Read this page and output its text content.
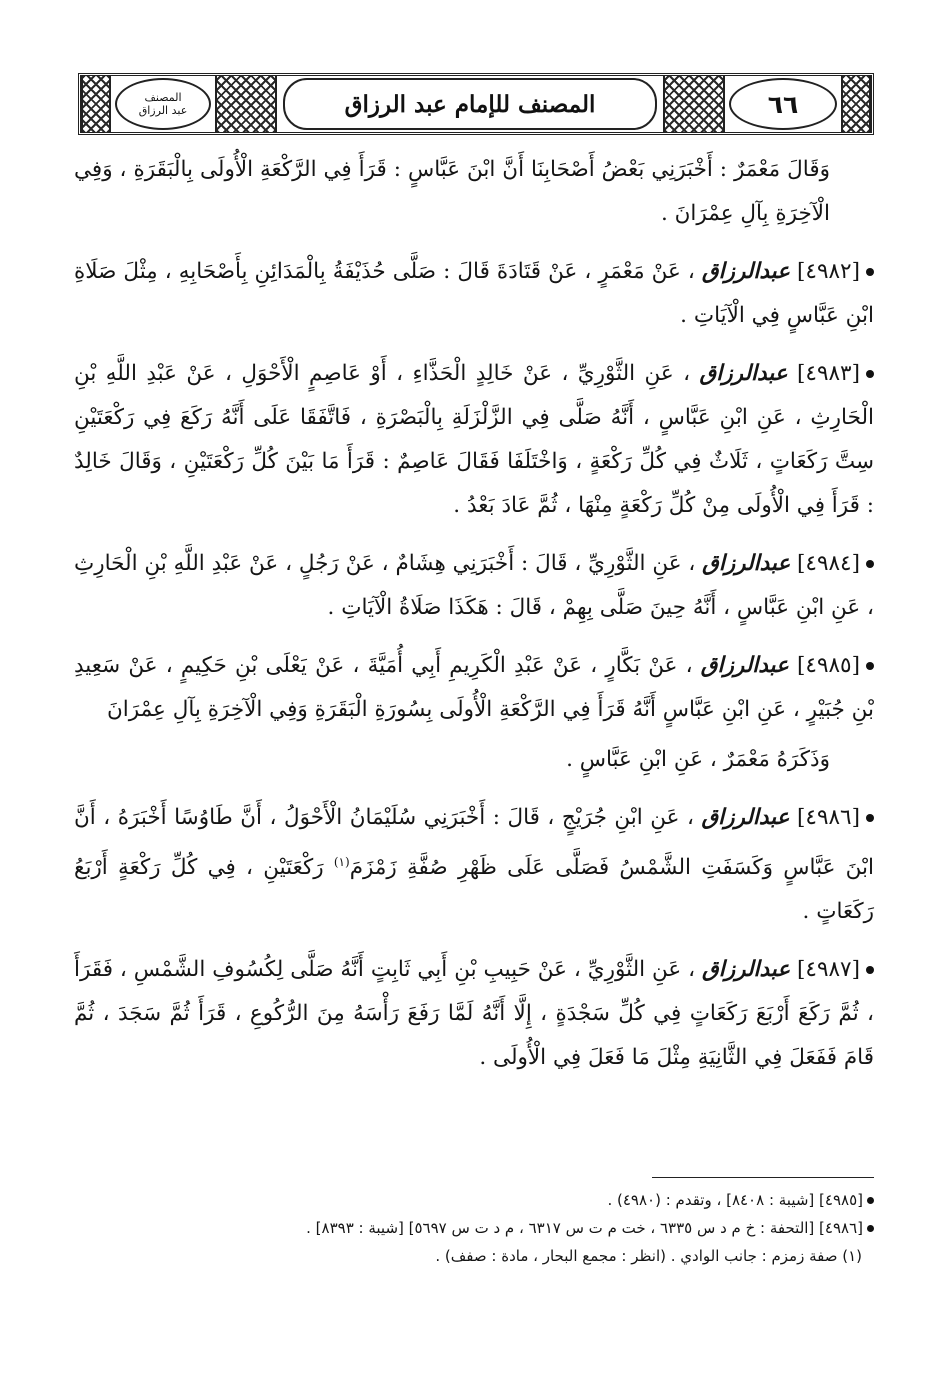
المصنف
عبد الرزاق	المصنف للإمام عبد الرزاق	٦٦

وَقَالَ مَعْمَرٌ : أَخْبَرَنِي بَعْضُ أَصْحَابِنَا أَنَّ ابْنَ عَبَّاسٍ : قَرَأَ فِي الرَّكْعَةِ الْأُولَى بِالْبَقَرَةِ ، وَفِي الْآخِرَةِ بِآلِ عِمْرَانَ .

[٤٩٨٢] عبدالرزاق ، عَنْ مَعْمَرٍ ، عَنْ قَتَادَةَ قَالَ : صَلَّى حُذَيْفَةُ بِالْمَدَائِنِ بِأَصْحَابِهِ ، مِثْلَ صَلَاةِ ابْنِ عَبَّاسٍ فِي الْآيَاتِ .

[٤٩٨٣] عبدالرزاق ، عَنِ الثَّوْرِيِّ ، عَنْ خَالِدٍ الْحَذَّاءِ ، أَوْ عَاصِمٍ الْأَحْوَلِ ، عَنْ عَبْدِ اللَّهِ بْنِ الْحَارِثِ ، عَنِ ابْنِ عَبَّاسٍ ، أَنَّهُ صَلَّى فِي الزَّلْزَلَةِ بِالْبَصْرَةِ ، فَاتَّفَقَا عَلَى أَنَّهُ رَكَعَ فِي رَكْعَتَيْنِ سِتَّ رَكَعَاتٍ ، ثَلَاثٌ فِي كُلِّ رَكْعَةٍ ، وَاخْتَلَفَا فَقَالَ عَاصِمٌ : قَرَأَ مَا بَيْنَ كُلِّ رَكْعَتَيْنِ ، وَقَالَ خَالِدٌ : قَرَأَ فِي الْأُولَى مِنْ كُلِّ رَكْعَةٍ مِنْهَا ، ثُمَّ عَادَ بَعْدُ .

[٤٩٨٤] عبدالرزاق ، عَنِ الثَّوْرِيِّ ، قَالَ : أَخْبَرَنِي هِشَامٌ ، عَنْ رَجُلٍ ، عَنْ عَبْدِ اللَّهِ بْنِ الْحَارِثِ ، عَنِ ابْنِ عَبَّاسٍ ، أَنَّهُ حِينَ صَلَّى بِهِمْ ، قَالَ : هَكَذَا صَلَاةُ الْآيَاتِ .

[٤٩٨٥] عبدالرزاق ، عَنْ بَكَّارٍ ، عَنْ عَبْدِ الْكَرِيمِ أَبِي أُمَيَّةَ ، عَنْ يَعْلَى بْنِ حَكِيمٍ ، عَنْ سَعِيدِ بْنِ جُبَيْرٍ ، عَنِ ابْنِ عَبَّاسٍ أَنَّهُ قَرَأَ فِي الرَّكْعَةِ الْأُولَى بِسُورَةِ الْبَقَرَةِ وَفِي الْآخِرَةِ بِآلِ عِمْرَانَ

وَذَكَرَهُ مَعْمَرٌ ، عَنِ ابْنِ عَبَّاسٍ .

[٤٩٨٦] عبدالرزاق ، عَنِ ابْنِ جُرَيْجٍ ، قَالَ : أَخْبَرَنِي سُلَيْمَانُ الْأَحْوَلُ ، أَنَّ طَاوُسًا أَخْبَرَهُ ، أَنَّ ابْنَ عَبَّاسٍ وَكَسَفَتِ الشَّمْسُ فَصَلَّى عَلَى ظَهْرِ صُفَّةِ زَمْزَمَ$^{(١)}$ رَكْعَتَيْنِ ، فِي كُلِّ رَكْعَةٍ أَرْبَعُ رَكَعَاتٍ .

[٤٩٨٧] عبدالرزاق ، عَنِ الثَّوْرِيِّ ، عَنْ حَبِيبِ بْنِ أَبِي ثَابِتٍ أَنَّهُ صَلَّى لِكُسُوفِ الشَّمْسِ ، فَقَرَأَ ، ثُمَّ رَكَعَ أَرْبَعَ رَكَعَاتٍ فِي كُلِّ سَجْدَةٍ ، إِلَّا أَنَّهُ لَمَّا رَفَعَ رَأْسَهُ مِنَ الرُّكُوعِ ، قَرَأَ ثُمَّ سَجَدَ ، ثُمَّ قَامَ فَفَعَلَ فِي الثَّانِيَةِ مِثْلَ مَا فَعَلَ فِي الْأُولَى .

[٤٩٨٥] [شيبة : ٨٤٠٨] ، وتقدم : (٤٩٨٠) .

[٤٩٨٦] [التحفة : خ م د س ٦٣٣٥ ، خت م ت س ٦٣١٧ ، م د ت س ٥٦٩٧] [شيبة : ٨٣٩٣] .

(١) صفة زمزم : جانب الوادي . (انظر : مجمع البحار ، مادة : صفف) .
